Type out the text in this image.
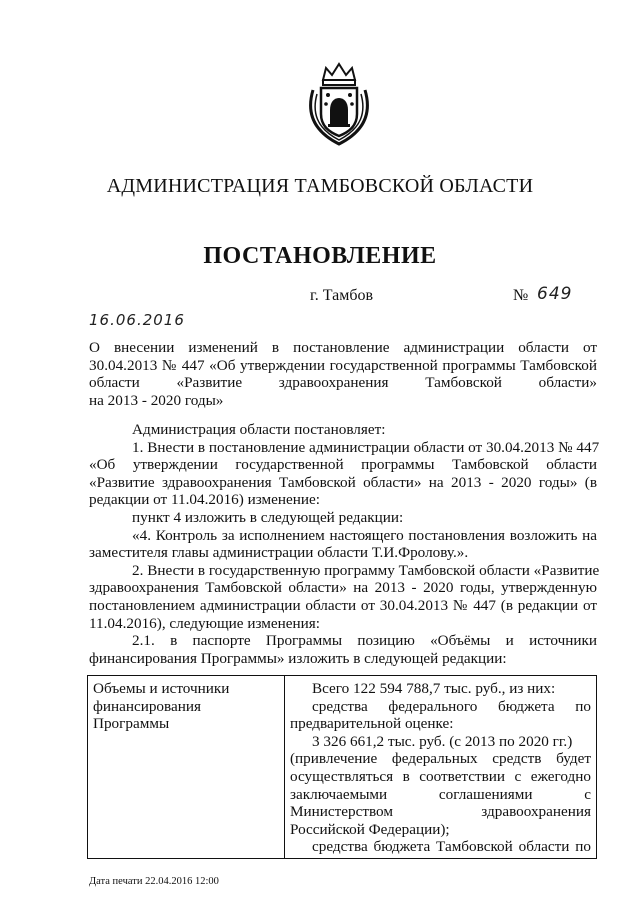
АДМИНИСТРАЦИЯ ТАМБОВСКОЙ ОБЛАСТИ
ПОСТАНОВЛЕНИЕ
г. Тамбов	№ 649
16.06.2016
О внесении изменений в постановление администрации области от
30.04.2013 № 447 «Об утверждении государственной программы Тамбовской
области «Развитие здравоохранения Тамбовской области»
на 2013 - 2020 годы»
Администрация области постановляет:
1. Внести в постановление администрации области от 30.04.2013 № 447
«Об утверждении государственной программы Тамбовской области
«Развитие здравоохранения Тамбовской области» на 2013 - 2020 годы» (в
редакции от 11.04.2016) изменение:
пункт 4 изложить в следующей редакции:
«4. Контроль за исполнением настоящего постановления возложить на
заместителя главы администрации области Т.И.Фролову.».
2. Внести в государственную программу Тамбовской области «Развитие
здравоохранения Тамбовской области» на 2013 - 2020 годы, утвержденную
постановлением администрации области от 30.04.2013 № 447 (в редакции от
11.04.2016), следующие изменения:
2.1. в паспорте Программы позицию «Объёмы и источники
финансирования Программы» изложить в следующей редакции:
Объемы и источники
финансирования
Программы

Всего 122 594 788,7 тыс. руб., из них:
средства федерального бюджета по
предварительной оценке:
3 326 661,2 тыс. руб. (с 2013 по 2020 гг.)
(привлечение федеральных средств будет
осуществляться в соответствии с ежегодно
заключаемыми соглашениями с
Министерством здравоохранения
Российской Федерации);
средства бюджета Тамбовской области по
Дата печати 22.04.2016 12:00
